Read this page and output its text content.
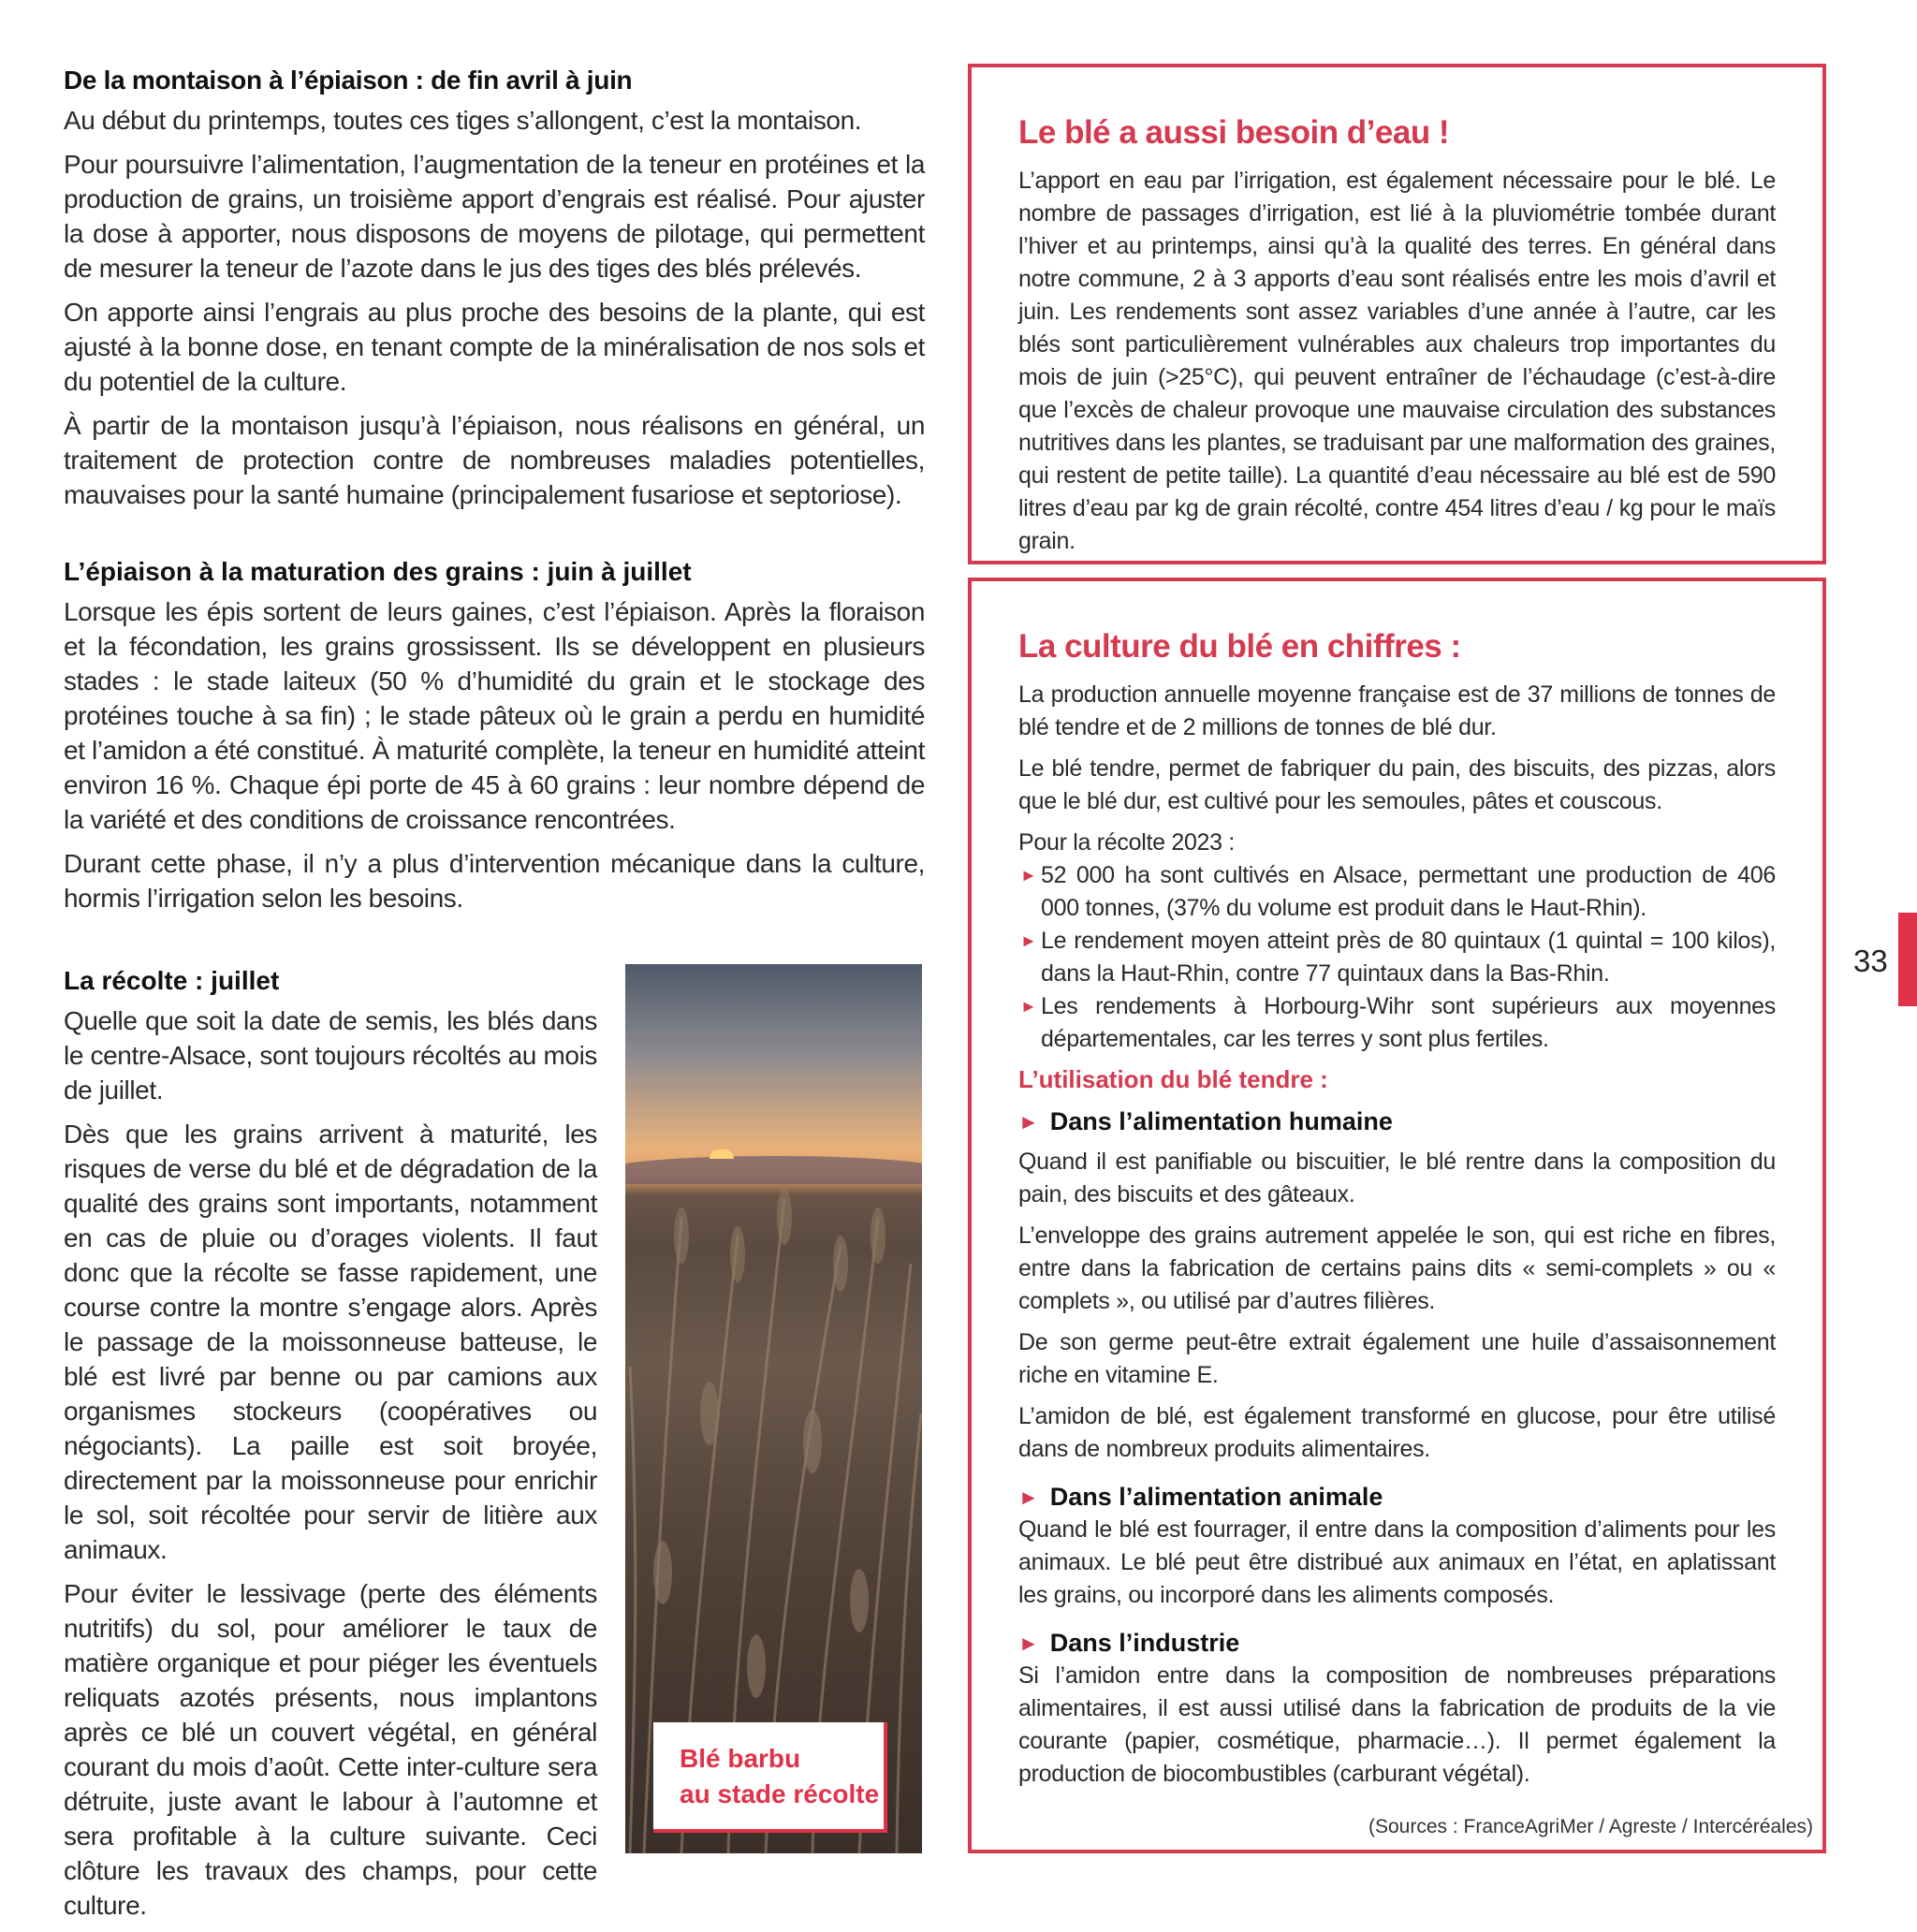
De la montaison à l’épiaison : de fin avril à juin

Au début du printemps, toutes ces tiges s’allongent, c’est la montaison.

Pour poursuivre l’alimentation, l’augmentation de la teneur en protéines et la production de grains, un troisième apport d’engrais est réalisé. Pour ajuster la dose à apporter, nous disposons de moyens de pilotage, qui permettent de mesurer la teneur de l’azote dans le jus des tiges des blés prélevés.

On apporte ainsi l’engrais au plus proche des besoins de la plante, qui est ajusté à la bonne dose, en tenant compte de la minéralisation de nos sols et du potentiel de la culture.

À partir de la montaison jusqu’à l’épiaison, nous réalisons en général, un traitement de protection contre de nombreuses maladies potentielles, mauvaises pour la santé humaine (principalement fusariose et septoriose).

L’épiaison à la maturation des grains : juin à juillet

Lorsque les épis sortent de leurs gaines, c’est l’épiaison. Après la floraison et la fécondation, les grains grossissent. Ils se développent en plusieurs stades : le stade laiteux (50 % d’humidité du grain et le stockage des protéines touche à sa fin) ; le stade pâteux où le grain a perdu en humidité et l’amidon a été constitué. À maturité complète, la teneur en humidité atteint environ 16 %. Chaque épi porte de 45 à 60 grains : leur nombre dépend de la variété et des conditions de croissance rencontrées.

Durant cette phase, il n’y a plus d’intervention mécanique dans la culture, hormis l’irrigation selon les besoins.

La récolte : juillet

Quelle que soit la date de semis, les blés dans le centre-Alsace, sont toujours récoltés au mois de juillet.

Dès que les grains arrivent à maturité, les risques de verse du blé et de dégradation de la qualité des grains sont importants, notamment en cas de pluie ou d’orages violents. Il faut donc que la récolte se fasse rapidement, une course contre la montre s’engage alors. Après le passage de la moissonneuse batteuse, le blé est livré par benne ou par camions aux organismes stockeurs (coopératives ou négociants). La paille est soit broyée, directement par la moissonneuse pour enrichir le sol, soit récoltée pour servir de litière aux animaux.

Pour éviter le lessivage (perte des éléments nutritifs) du sol, pour améliorer le taux de matière organique et pour piéger les éventuels reliquats azotés présents, nous implantons après ce blé un couvert végétal, en général courant du mois d’août. Cette inter-culture sera détruite, juste avant le labour à l’automne et sera profitable à la culture suivante. Ceci clôture les travaux des champs, pour cette culture.

Blé barbu
au stade récolte
Le blé a aussi besoin d’eau !

L’apport en eau par l’irrigation, est également nécessaire pour le blé. Le nombre de passages d’irrigation, est lié à la pluviométrie tombée durant l’hiver et au printemps, ainsi qu’à la qualité des terres. En général dans notre commune, 2 à 3 apports d’eau sont réalisés entre les mois d’avril et juin. Les rendements sont assez variables d’une année à l’autre, car les blés sont particulièrement vulnérables aux chaleurs trop importantes du mois de juin (>25°C), qui peuvent entraîner de l’échaudage (c’est-à-dire que l’excès de chaleur provoque une mauvaise circulation des substances nutritives dans les plantes, se traduisant par une malformation des graines, qui restent de petite taille). La quantité d’eau nécessaire au blé est de 590 litres d’eau par kg de grain récolté, contre 454 litres d’eau / kg pour le maïs grain.

La culture du blé en chiffres :

La production annuelle moyenne française est de 37 millions de tonnes de blé tendre et de 2 millions de tonnes de blé dur.

Le blé tendre, permet de fabriquer du pain, des biscuits, des pizzas, alors que le blé dur, est cultivé pour les semoules, pâtes et couscous.

Pour la récolte 2023 :

► 52 000 ha sont cultivés en Alsace, permettant une production de 406 000 tonnes, (37% du volume est produit dans le Haut-Rhin).
► Le rendement moyen atteint près de 80 quintaux (1 quintal = 100 kilos), dans la Haut-Rhin, contre 77 quintaux dans la Bas-Rhin.
► Les rendements à Horbourg-Wihr sont supérieurs aux moyennes départementales, car les terres y sont plus fertiles.
L’utilisation du blé tendre :
► Dans l’alimentation humaine

Quand il est panifiable ou biscuitier, le blé rentre dans la composition du pain, des biscuits et des gâteaux.

L’enveloppe des grains autrement appelée le son, qui est riche en fibres, entre dans la fabrication de certains pains dits « semi-complets » ou « complets », ou utilisé par d’autres filières.

De son germe peut-être extrait également une huile d’assaisonnement riche en vitamine E.

L’amidon de blé, est également transformé en glucose, pour être utilisé dans de nombreux produits alimentaires.

► Dans l’alimentation animale

Quand le blé est fourrager, il entre dans la composition d’aliments pour les animaux. Le blé peut être distribué aux animaux en l’état, en aplatissant les grains, ou incorporé dans les aliments composés.

► Dans l’industrie

Si l’amidon entre dans la composition de nombreuses préparations alimentaires, il est aussi utilisé dans la fabrication de produits de la vie courante (papier, cosmétique, pharmacie…). Il permet également la production de biocombustibles (carburant végétal).

(Sources : FranceAgriMer / Agreste / Intercéréales)
33
